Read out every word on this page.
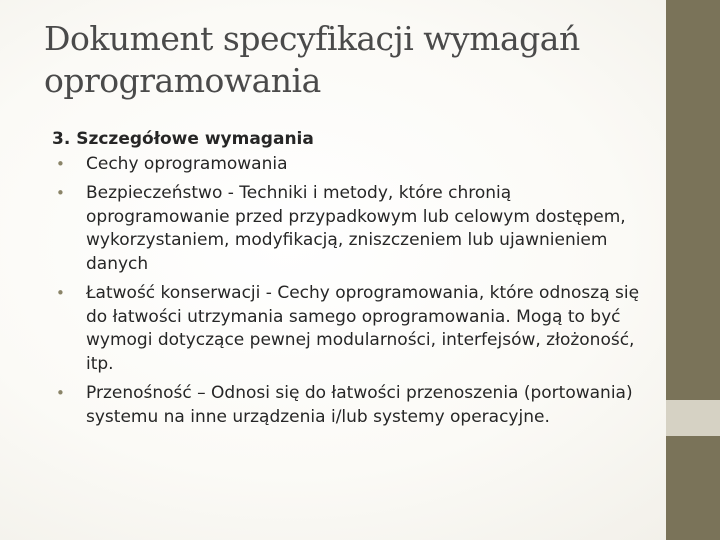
Dokument specyfikacji wymagań oprogramowania
3. Szczegółowe wymagania
• Cechy oprogramowania
• Bezpieczeństwo - Techniki i metody, które chronią oprogramowanie przed przypadkowym lub celowym dostępem, wykorzystaniem, modyfikacją, zniszczeniem lub ujawnieniem danych
• Łatwość konserwacji - Cechy oprogramowania, które odnoszą się do łatwości utrzymania samego oprogramowania. Mogą to być wymogi dotyczące pewnej modularności, interfejsów, złożoność, itp.
• Przenośność – Odnosi się do łatwości przenoszenia (portowania) systemu na inne urządzenia i/lub systemy operacyjne.
